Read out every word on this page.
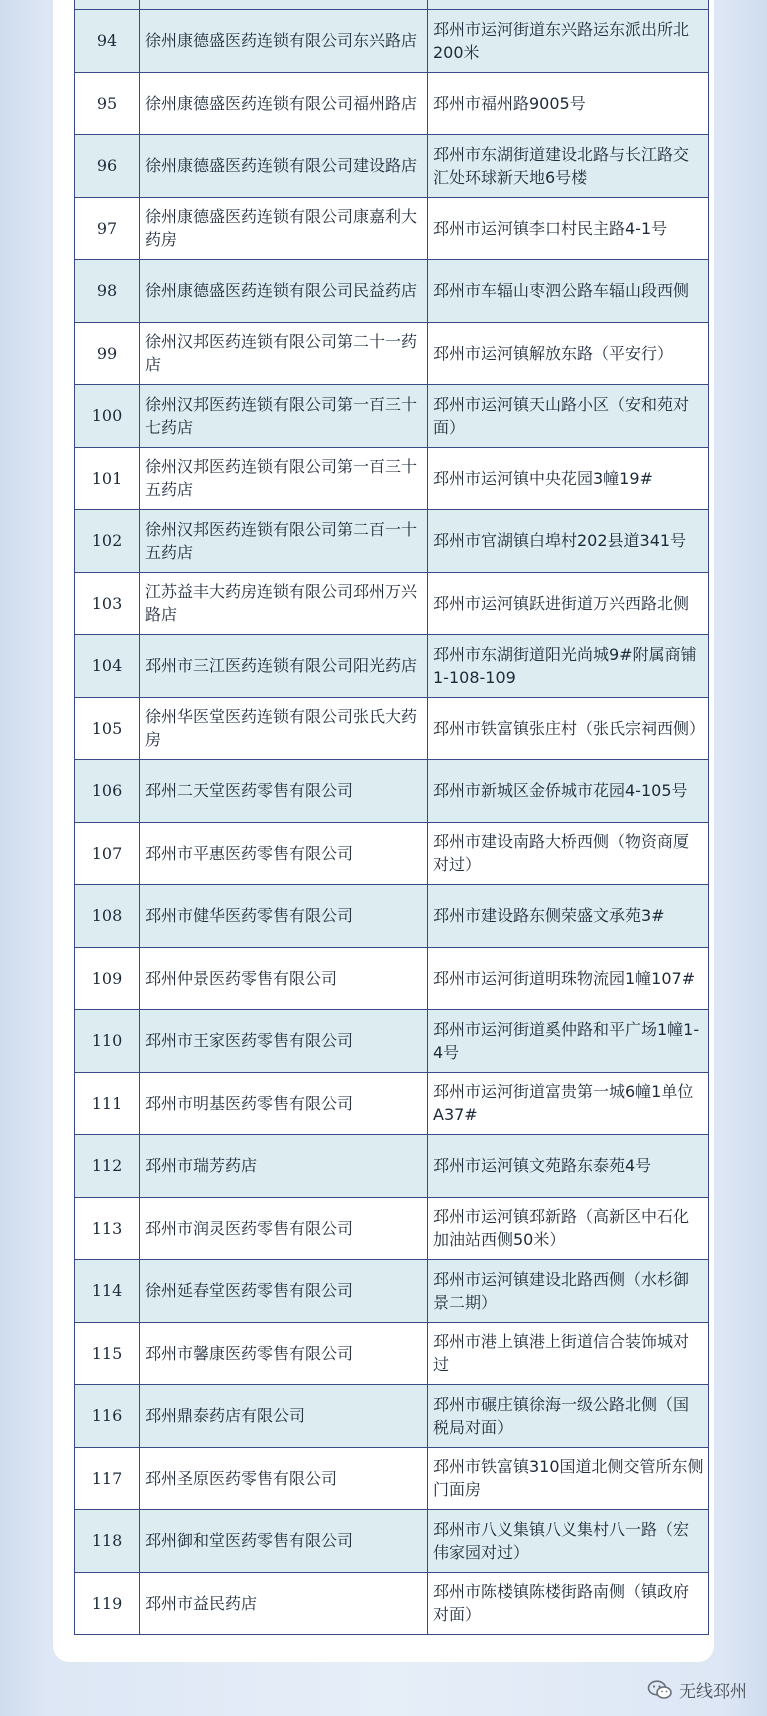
94	徐州康德盛医药连锁有限公司东兴路店	邳州市运河街道东兴路运东派出所北200米
95	徐州康德盛医药连锁有限公司福州路店	邳州市福州路9005号
96	徐州康德盛医药连锁有限公司建设路店	邳州市东湖街道建设北路与长江路交汇处环球新天地6号楼
97	徐州康德盛医药连锁有限公司康嘉利大药房	邳州市运河镇李口村民主路4-1号
98	徐州康德盛医药连锁有限公司民益药店	邳州市车辐山枣泗公路车辐山段西侧
99	徐州汉邦医药连锁有限公司第二十一药店	邳州市运河镇解放东路（平安行）
100	徐州汉邦医药连锁有限公司第一百三十七药店	邳州市运河镇天山路小区（安和苑对面）
101	徐州汉邦医药连锁有限公司第一百三十五药店	邳州市运河镇中央花园3幢19#
102	徐州汉邦医药连锁有限公司第二百一十五药店	邳州市官湖镇白埠村202县道341号
103	江苏益丰大药房连锁有限公司邳州万兴路店	邳州市运河镇跃进街道万兴西路北侧
104	邳州市三江医药连锁有限公司阳光药店	邳州市东湖街道阳光尚城9#附属商铺1-108-109
105	徐州华医堂医药连锁有限公司张氏大药房	邳州市铁富镇张庄村（张氏宗祠西侧）
106	邳州二天堂医药零售有限公司	邳州市新城区金侨城市花园4-105号
107	邳州市平惠医药零售有限公司	邳州市建设南路大桥西侧（物资商厦对过）
108	邳州市健华医药零售有限公司	邳州市建设路东侧荣盛文承苑3#
109	邳州仲景医药零售有限公司	邳州市运河街道明珠物流园1幢107#
110	邳州市王家医药零售有限公司	邳州市运河街道奚仲路和平广场1幢1-4号
111	邳州市明基医药零售有限公司	邳州市运河街道富贵第一城6幢1单位A37#
112	邳州市瑞芳药店	邳州市运河镇文苑路东泰苑4号
113	邳州市润灵医药零售有限公司	邳州市运河镇邳新路（高新区中石化加油站西侧50米）
114	徐州延春堂医药零售有限公司	邳州市运河镇建设北路西侧（水杉御景二期）
115	邳州市馨康医药零售有限公司	邳州市港上镇港上街道信合装饰城对过
116	邳州鼎泰药店有限公司	邳州市碾庄镇徐海一级公路北侧（国税局对面）
117	邳州圣原医药零售有限公司	邳州市铁富镇310国道北侧交管所东侧门面房
118	邳州御和堂医药零售有限公司	邳州市八义集镇八义集村八一路（宏伟家园对过）
119	邳州市益民药店	邳州市陈楼镇陈楼街路南侧（镇政府对面）
无线邳州
